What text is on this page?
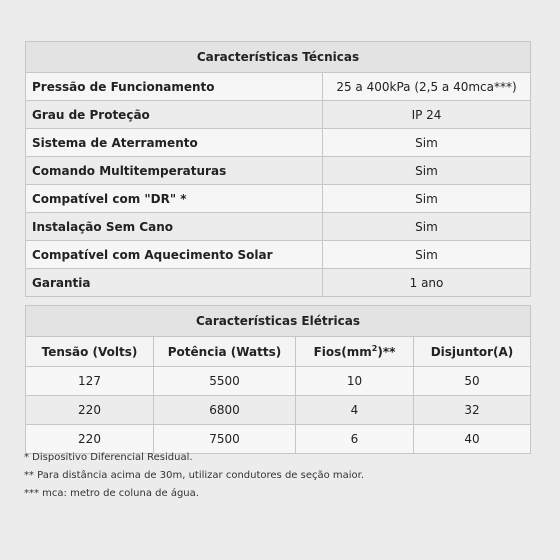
Características Técnicas	
Pressão de Funcionamento	25 a 400kPa (2,5 a 40mca***)
Grau de Proteção	IP 24
Sistema de Aterramento	Sim
Comando Multitemperaturas	Sim
Compatível com "DR" *	Sim
Instalação Sem Cano	Sim
Compatível com Aquecimento Solar	Sim
Garantia	1 ano
Características Elétricas			
Tensão (Volts)	Potência (Watts)	$Fios(mm^2)**$	Disjuntor(A)
127	5500	10	50
220	6800	4	32
220	7500	6	40
* Dispositivo Diferencial Residual.
** Para distância acima de 30m, utilizar condutores de seção maior.
*** mca: metro de coluna de água.
